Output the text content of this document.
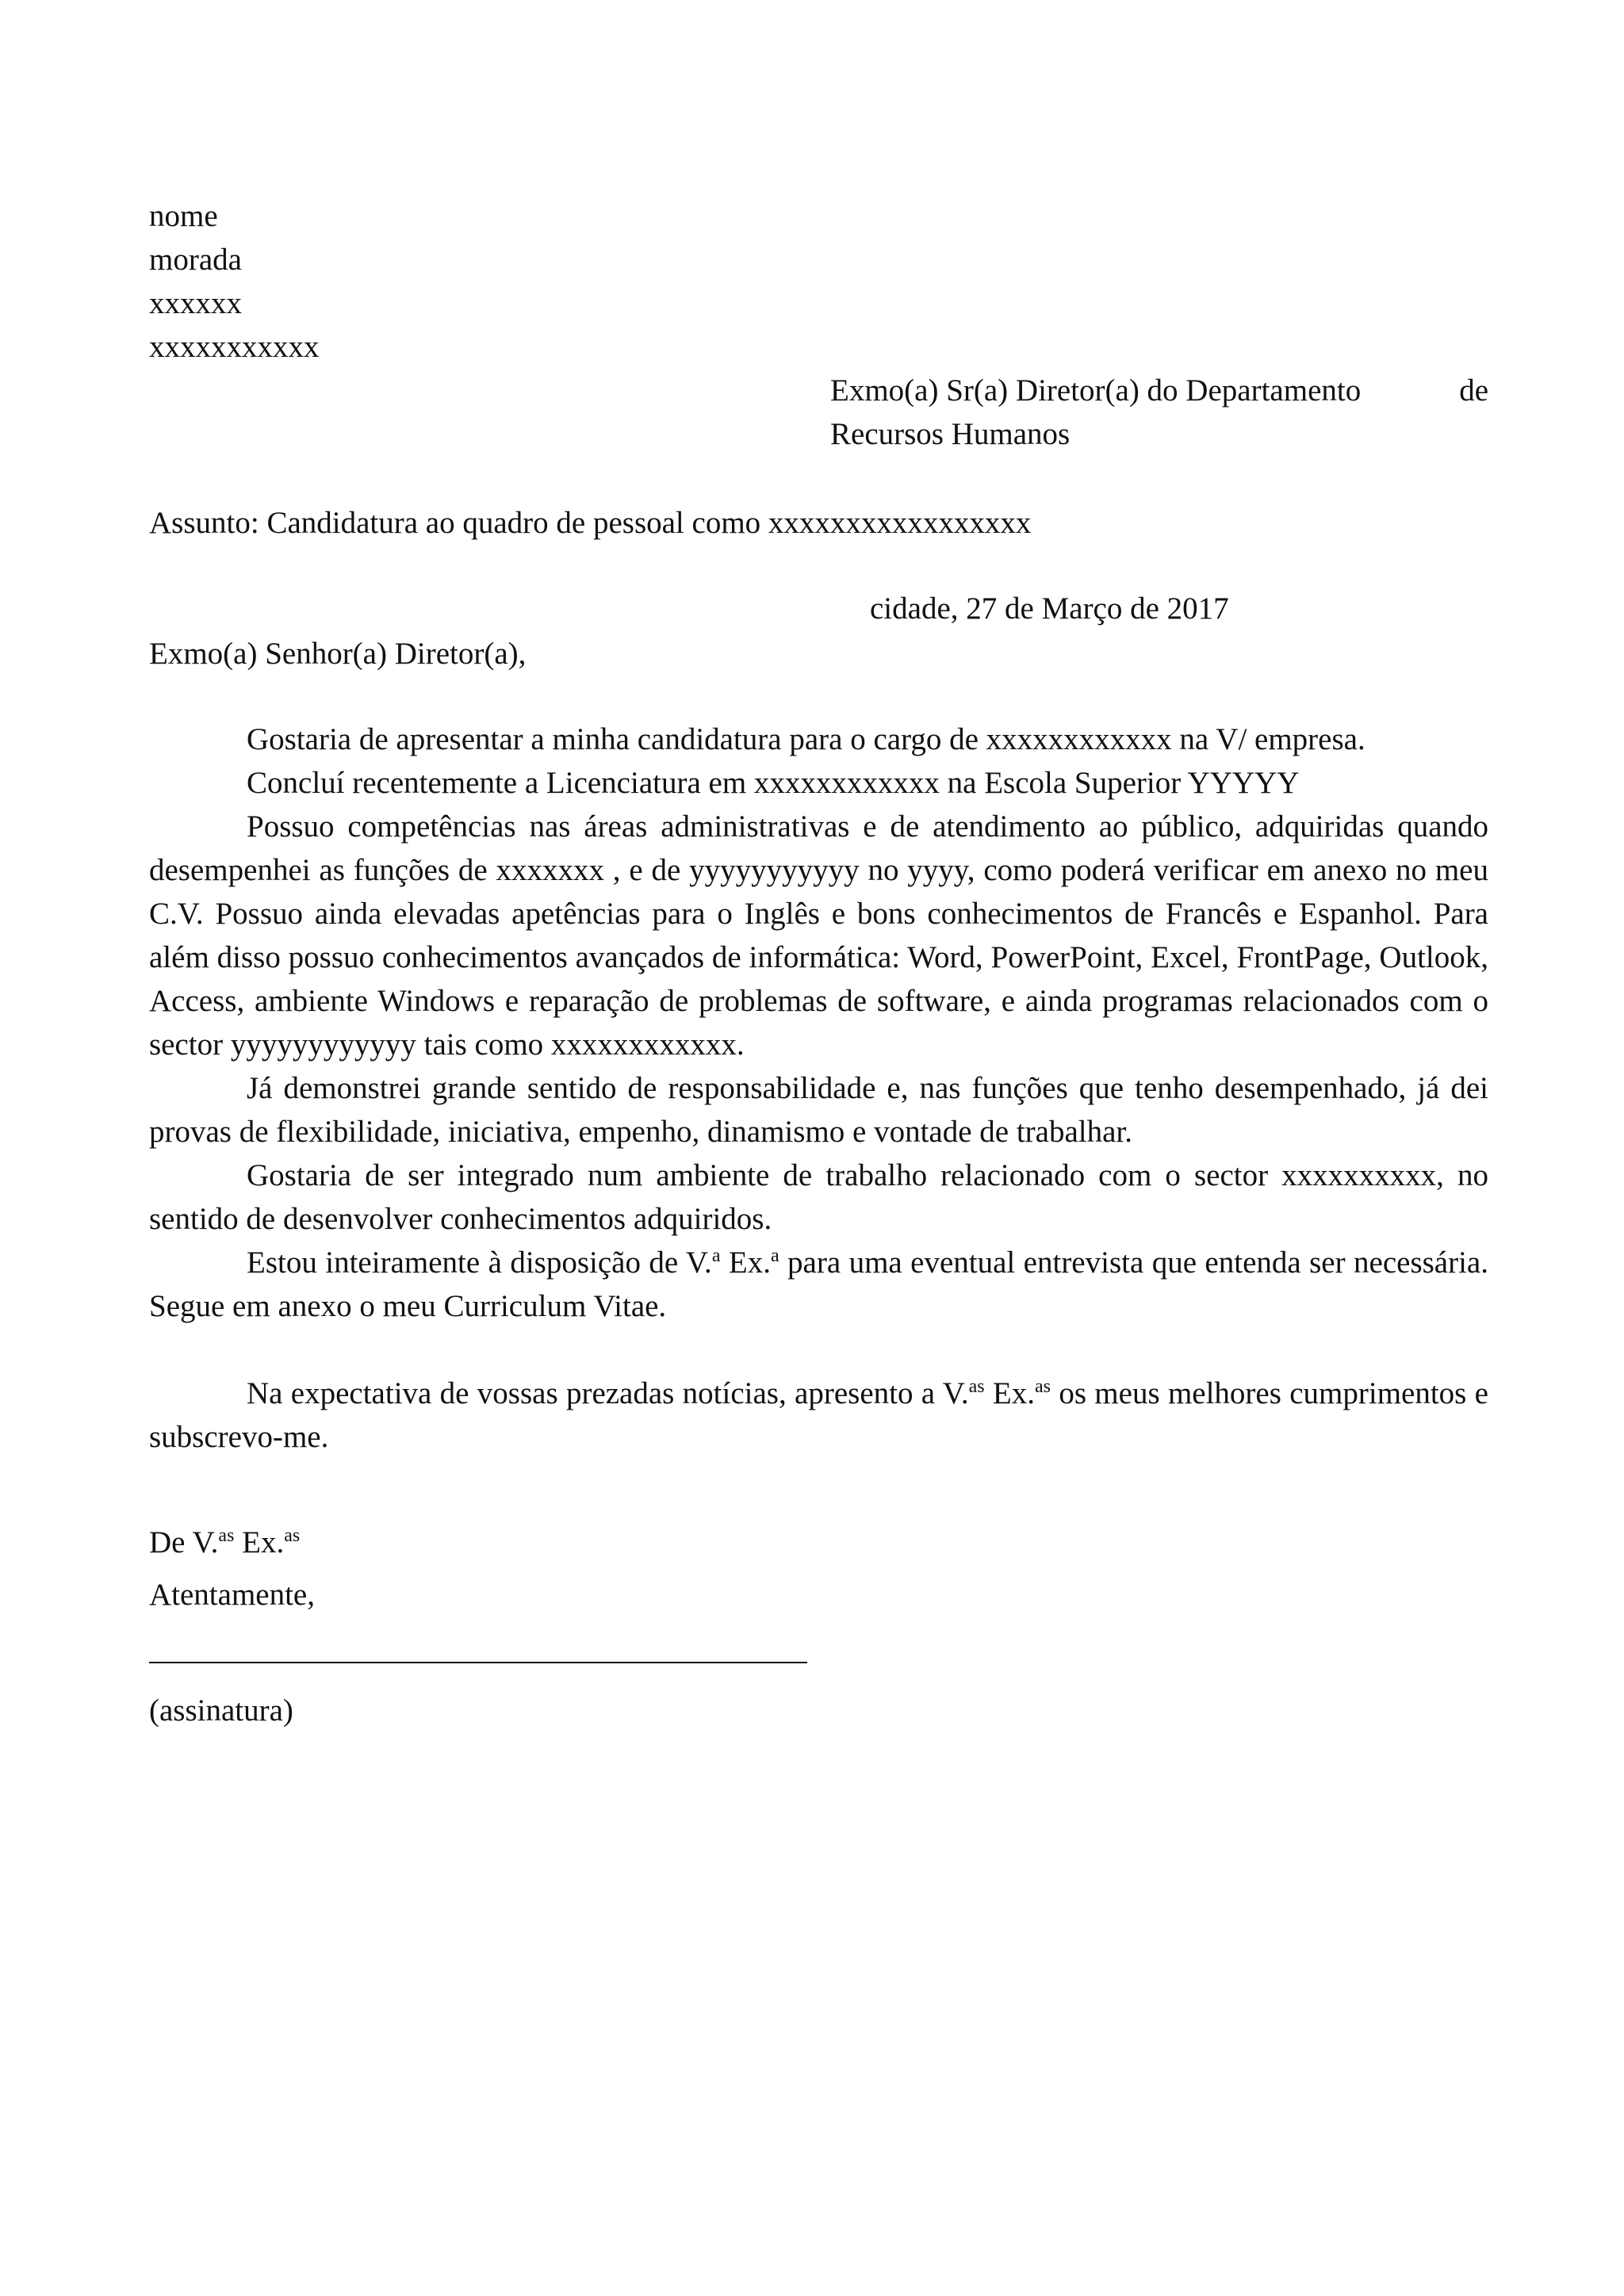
nome
morada
xxxxxx
xxxxxxxxxxx
Exmo(a) Sr(a) Diretor(a) do Departamento	de
Recursos Humanos
Assunto: Candidatura ao quadro de pessoal como xxxxxxxxxxxxxxxxx
cidade, 27 de Março de 2017
Exmo(a) Senhor(a) Diretor(a),

Gostaria de apresentar a minha candidatura para o cargo de xxxxxxxxxxxx na V/ empresa.

Concluí recentemente a Licenciatura em xxxxxxxxxxxx na Escola Superior YYYYY

Possuo competências nas áreas administrativas e de atendimento ao público, adquiridas quando desempenhei as funções de xxxxxxx , e de yyyyyyyyyyy no yyyy, como poderá verificar em anexo no meu C.V. Possuo ainda elevadas apetências para o Inglês e bons conhecimentos de Francês e Espanhol. Para além disso possuo conhecimentos avançados de informática: Word, PowerPoint, Excel, FrontPage, Outlook, Access, ambiente Windows e reparação de problemas de software, e ainda programas relacionados com o sector yyyyyyyyyyyy tais como xxxxxxxxxxxx.

Já demonstrei grande sentido de responsabilidade e, nas funções que tenho desempenhado, já dei provas de flexibilidade, iniciativa, empenho, dinamismo e vontade de trabalhar.

Gostaria de ser integrado num ambiente de trabalho relacionado com o sector xxxxxxxxxx, no sentido de desenvolver conhecimentos adquiridos.

Estou inteiramente à disposição de V.$^a$ Ex.$^a$ para uma eventual entrevista que entenda ser necessária. Segue em anexo o meu Curriculum Vitae.

Na expectativa de vossas prezadas notícias, apresento a V.$^{as}$ Ex.$^{as}$ os meus melhores cumprimentos e subscrevo-me.

De V.$^{as}$ Ex.$^{as}$
Atentamente,
(assinatura)
